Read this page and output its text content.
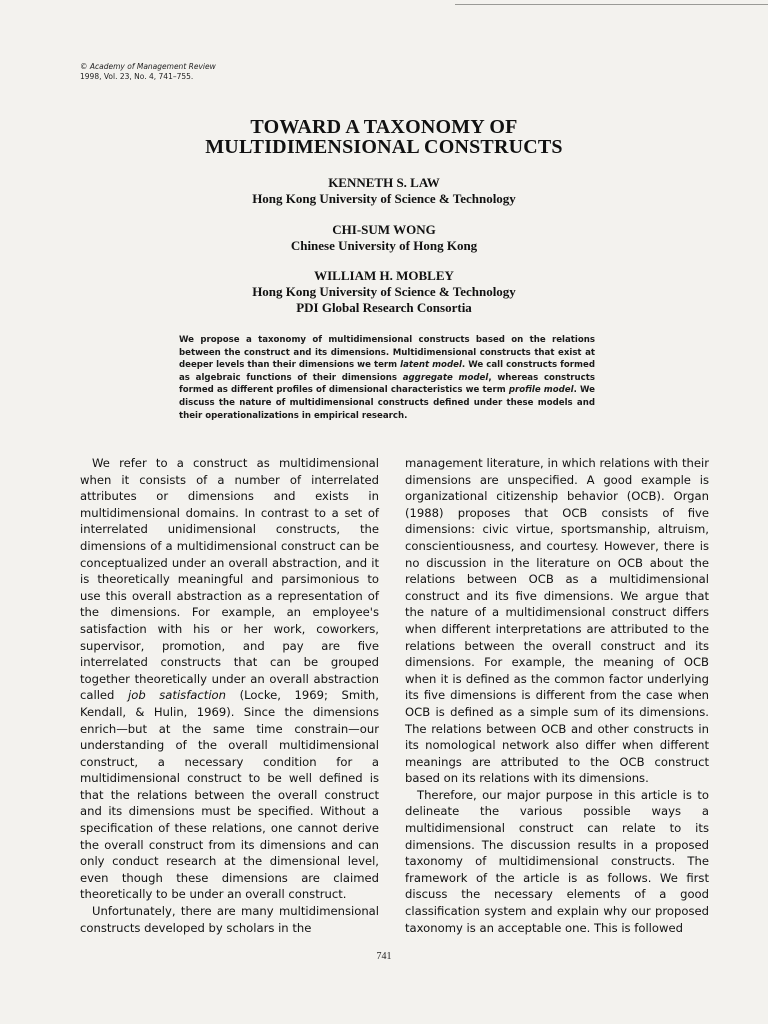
© Academy of Management Review
1998, Vol. 23, No. 4, 741–755.
TOWARD A TAXONOMY OF
MULTIDIMENSIONAL CONSTRUCTS
KENNETH S. LAW
Hong Kong University of Science & Technology
CHI-SUM WONG
Chinese University of Hong Kong
WILLIAM H. MOBLEY
Hong Kong University of Science & Technology
PDI Global Research Consortia
We propose a taxonomy of multidimensional constructs based on the relations between the construct and its dimensions. Multidimensional constructs that exist at deeper levels than their dimensions we term latent model. We call constructs formed as algebraic functions of their dimensions aggregate model, whereas constructs formed as different profiles of dimensional characteristics we term profile model. We discuss the nature of multidimensional constructs defined under these models and their operationalizations in empirical research.

We refer to a construct as multidimensional when it consists of a number of interrelated attributes or dimensions and exists in multidimensional domains. In contrast to a set of interrelated unidimensional constructs, the dimensions of a multidimensional construct can be conceptualized under an overall abstraction, and it is theoretically meaningful and parsimonious to use this overall abstraction as a representation of the dimensions. For example, an employee's satisfaction with his or her work, coworkers, supervisor, promotion, and pay are five interrelated constructs that can be grouped together theoretically under an overall abstraction called job satisfaction (Locke, 1969; Smith, Kendall, & Hulin, 1969). Since the dimensions enrich—but at the same time constrain—our understanding of the overall multidimensional construct, a necessary condition for a multidimensional construct to be well defined is that the relations between the overall construct and its dimensions must be specified. Without a specification of these relations, one cannot derive the overall construct from its dimensions and can only conduct research at the dimensional level, even though these dimensions are claimed theoretically to be under an overall construct.

Unfortunately, there are many multidimensional constructs developed by scholars in the

management literature, in which relations with their dimensions are unspecified. A good example is organizational citizenship behavior (OCB). Organ (1988) proposes that OCB consists of five dimensions: civic virtue, sportsmanship, altruism, conscientiousness, and courtesy. However, there is no discussion in the literature on OCB about the relations between OCB as a multidimensional construct and its five dimensions. We argue that the nature of a multidimensional construct differs when different interpretations are attributed to the relations between the overall construct and its dimensions. For example, the meaning of OCB when it is defined as the common factor underlying its five dimensions is different from the case when OCB is defined as a simple sum of its dimensions. The relations between OCB and other constructs in its nomological network also differ when different meanings are attributed to the OCB construct based on its relations with its dimensions.

Therefore, our major purpose in this article is to delineate the various possible ways a multidimensional construct can relate to its dimensions. The discussion results in a proposed taxonomy of multidimensional constructs. The framework of the article is as follows. We first discuss the necessary elements of a good classification system and explain why our proposed taxonomy is an acceptable one. This is followed

741
